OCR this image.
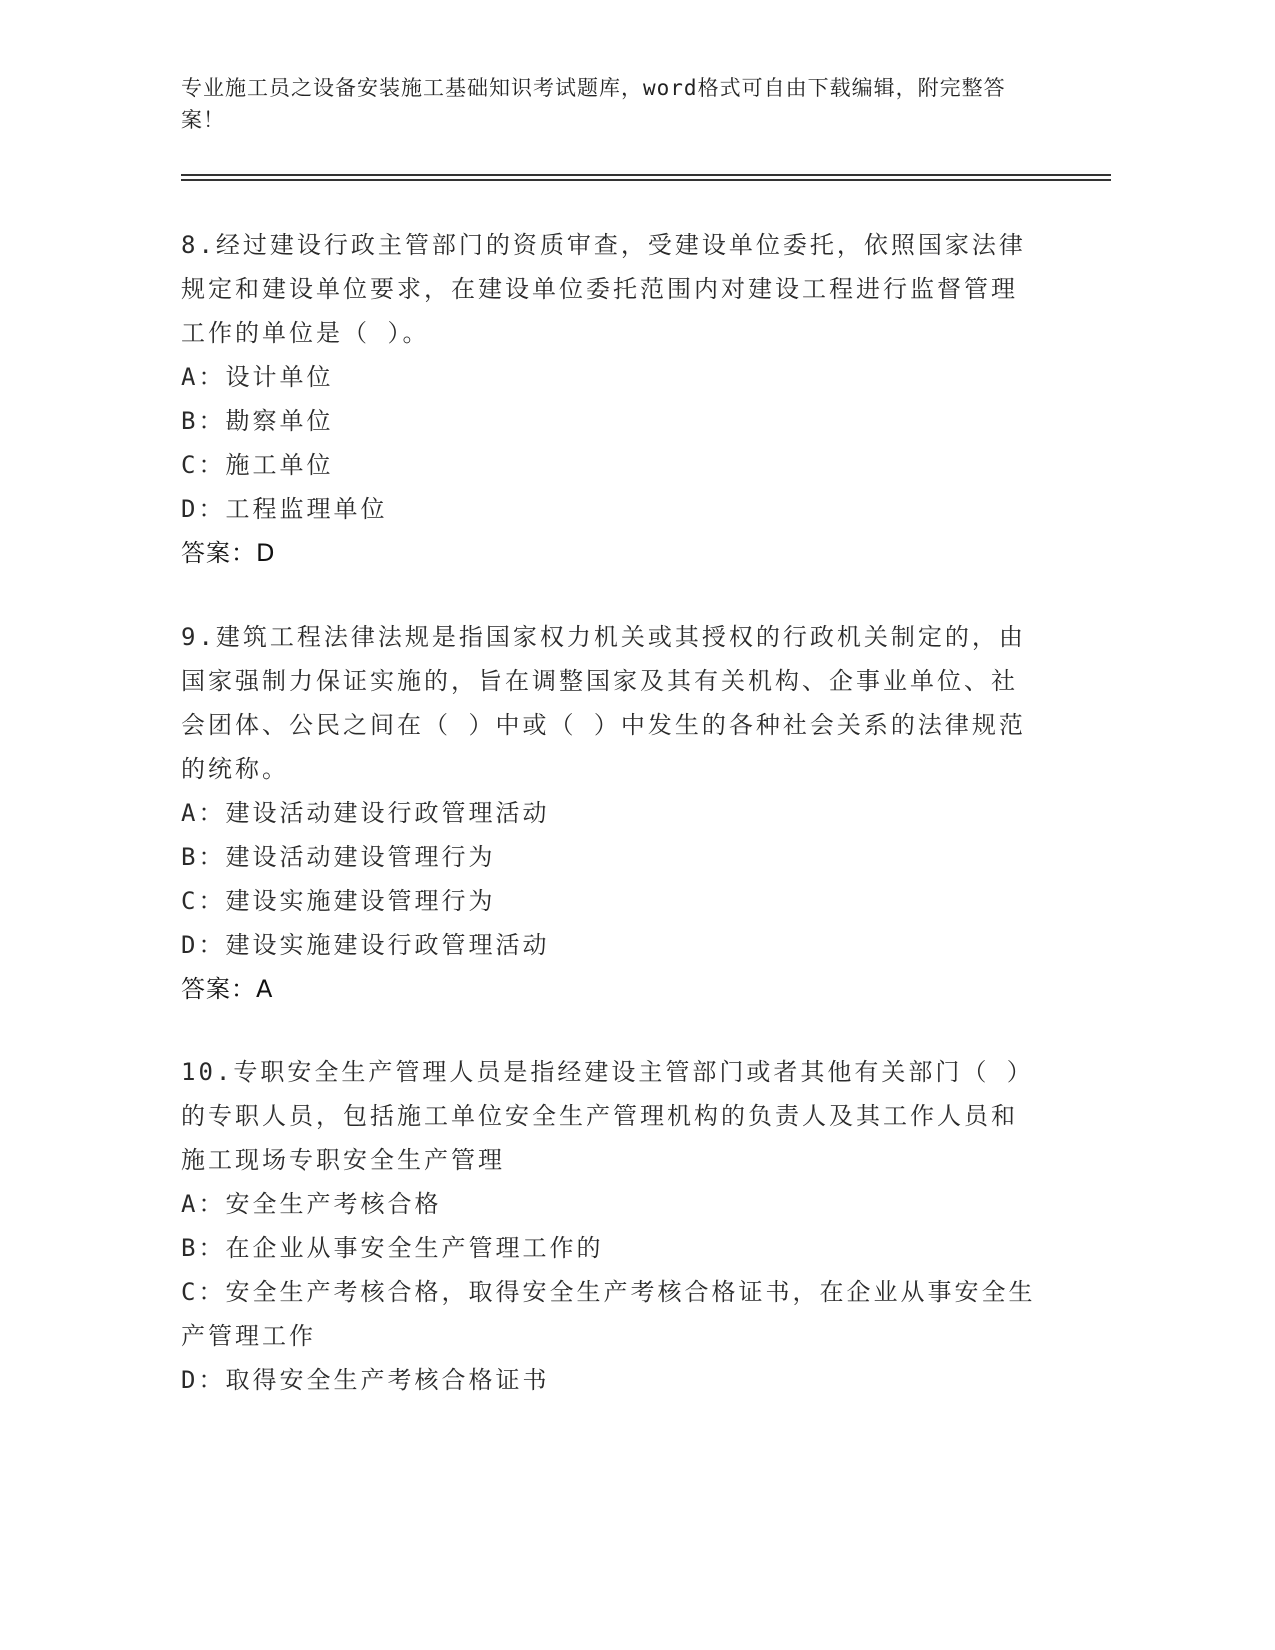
专业施工员之设备安装施工基础知识考试题库，word格式可自由下载编辑，附完整答案！

8.经过建设行政主管部门的资质审查，受建设单位委托，依照国家法律规定和建设单位要求，在建设单位委托范围内对建设工程进行监督管理工作的单位是（ ）。

A：设计单位

B：勘察单位

C：施工单位

D：工程监理单位

答案：D

9.建筑工程法律法规是指国家权力机关或其授权的行政机关制定的，由国家强制力保证实施的，旨在调整国家及其有关机构、企事业单位、社会团体、公民之间在（ ）中或（ ）中发生的各种社会关系的法律规范的统称。

A：建设活动建设行政管理活动

B：建设活动建设管理行为

C：建设实施建设管理行为

D：建设实施建设行政管理活动

答案：A

10.专职安全生产管理人员是指经建设主管部门或者其他有关部门（ ）的专职人员，包括施工单位安全生产管理机构的负责人及其工作人员和施工现场专职安全生产管理

A：安全生产考核合格

B：在企业从事安全生产管理工作的

C：安全生产考核合格，取得安全生产考核合格证书，在企业从事安全生产管理工作

D：取得安全生产考核合格证书
